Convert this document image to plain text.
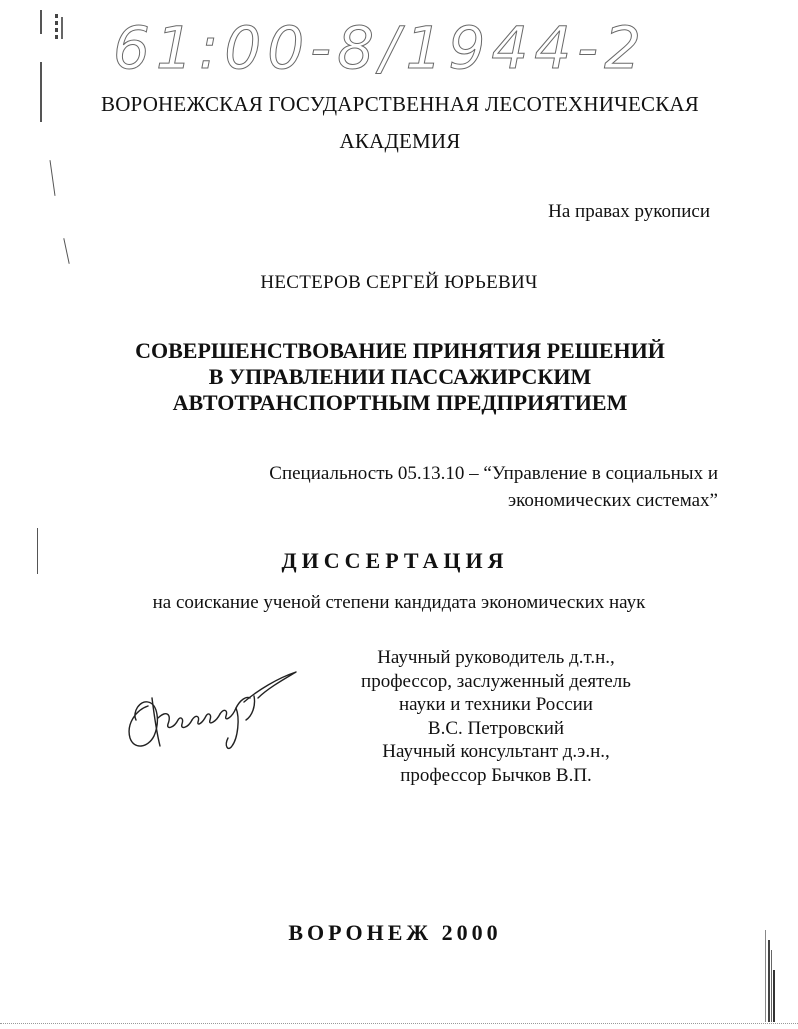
61:00-8/1944-2
ВОРОНЕЖСКАЯ ГОСУДАРСТВЕННАЯ ЛЕСОТЕХНИЧЕСКАЯ
АКАДЕМИЯ
На правах рукописи
НЕСТЕРОВ СЕРГЕЙ ЮРЬЕВИЧ
СОВЕРШЕНСТВОВАНИЕ ПРИНЯТИЯ РЕШЕНИЙ
В УПРАВЛЕНИИ ПАССАЖИРСКИМ
АВТОТРАНСПОРТНЫМ ПРЕДПРИЯТИЕМ
Специальность 05.13.10 – “Управление в социальных и
экономических системах”
ДИССЕРТАЦИЯ
на соискание ученой степени кандидата экономических наук
Научный руководитель д.т.н.,
профессор, заслуженный деятель
науки и техники России
В.С. Петровский
Научный консультант д.э.н.,
профессор Бычков В.П.
ВОРОНЕЖ 2000
